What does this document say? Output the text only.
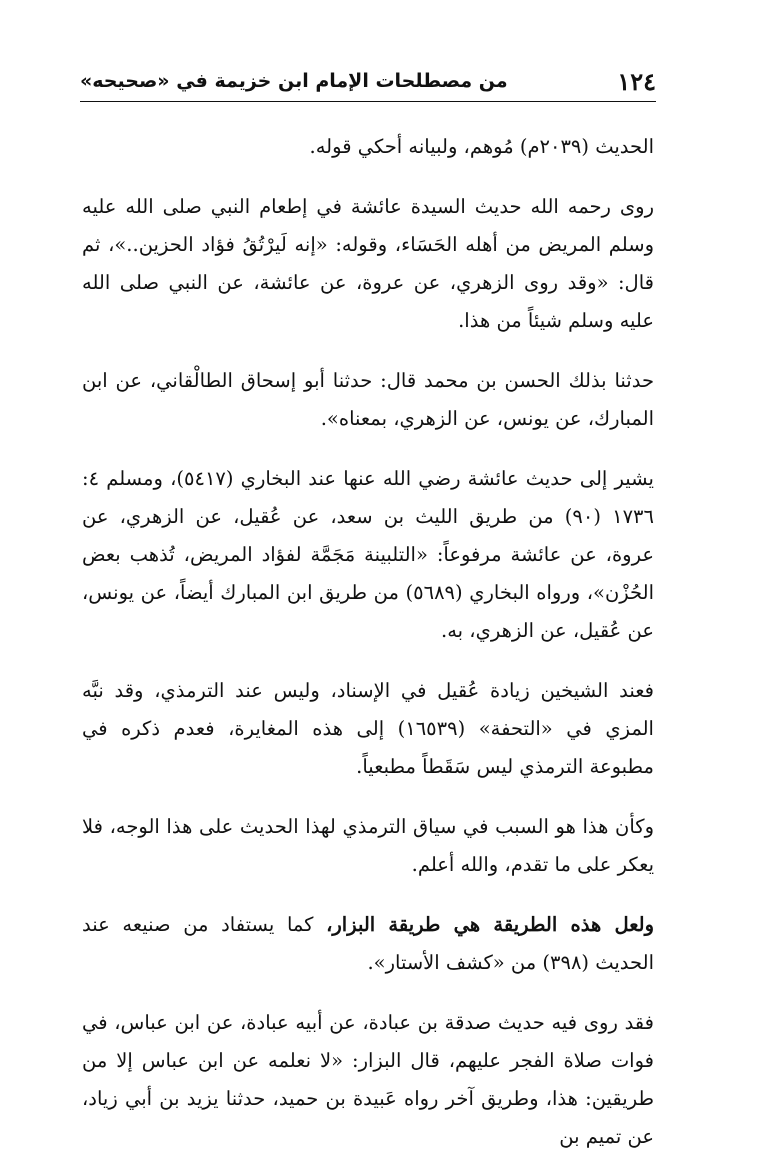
١٢٤
من مصطلحات الإمام ابن خزيمة في «صحيحه»

الحديث (٢٠٣٩م) مُوهم، ولبيانه أحكي قوله.

روى رحمه الله حديث السيدة عائشة في إطعام النبي صلى الله عليه وسلم المريض من أهله الحَسَاء، وقوله: «إنه لَيرْتُقُ فؤاد الحزين..»، ثم قال: «وقد روى الزهري، عن عروة، عن عائشة، عن النبي صلى الله عليه وسلم شيئاً من هذا.

حدثنا بذلك الحسن بن محمد قال: حدثنا أبو إسحاق الطالْقاني، عن ابن المبارك، عن يونس، عن الزهري، بمعناه».

يشير إلى حديث عائشة رضي الله عنها عند البخاري (٥٤١٧)، ومسلم ٤: ١٧٣٦ (٩٠) من طريق الليث بن سعد، عن عُقيل، عن الزهري، عن عروة، عن عائشة مرفوعاً: «التلبينة مَجَمَّة لفؤاد المريض، تُذهب بعض الحُزْن»، ورواه البخاري (٥٦٨٩) من طريق ابن المبارك أيضاً، عن يونس، عن عُقيل، عن الزهري، به.

فعند الشيخين زيادة عُقيل في الإسناد، وليس عند الترمذي، وقد نبَّه المزي في «التحفة» (١٦٥٣٩) إلى هذه المغايرة، فعدم ذكره في مطبوعة الترمذي ليس سَقَطاً مطبعياً.

وكأن هذا هو السبب في سياق الترمذي لهذا الحديث على هذا الوجه، فلا يعكر على ما تقدم، والله أعلم.

ولعل هذه الطريقة هي طريقة البزار، كما يستفاد من صنيعه عند الحديث (٣٩٨) من «كشف الأستار».

فقد روى فيه حديث صدقة بن عبادة، عن أبيه عبادة، عن ابن عباس، في فوات صلاة الفجر عليهم، قال البزار: «لا نعلمه عن ابن عباس إلا من طريقين: هذا، وطريق آخر رواه عَبيدة بن حميد، حدثنا يزيد بن أبي زياد، عن تميم بن
